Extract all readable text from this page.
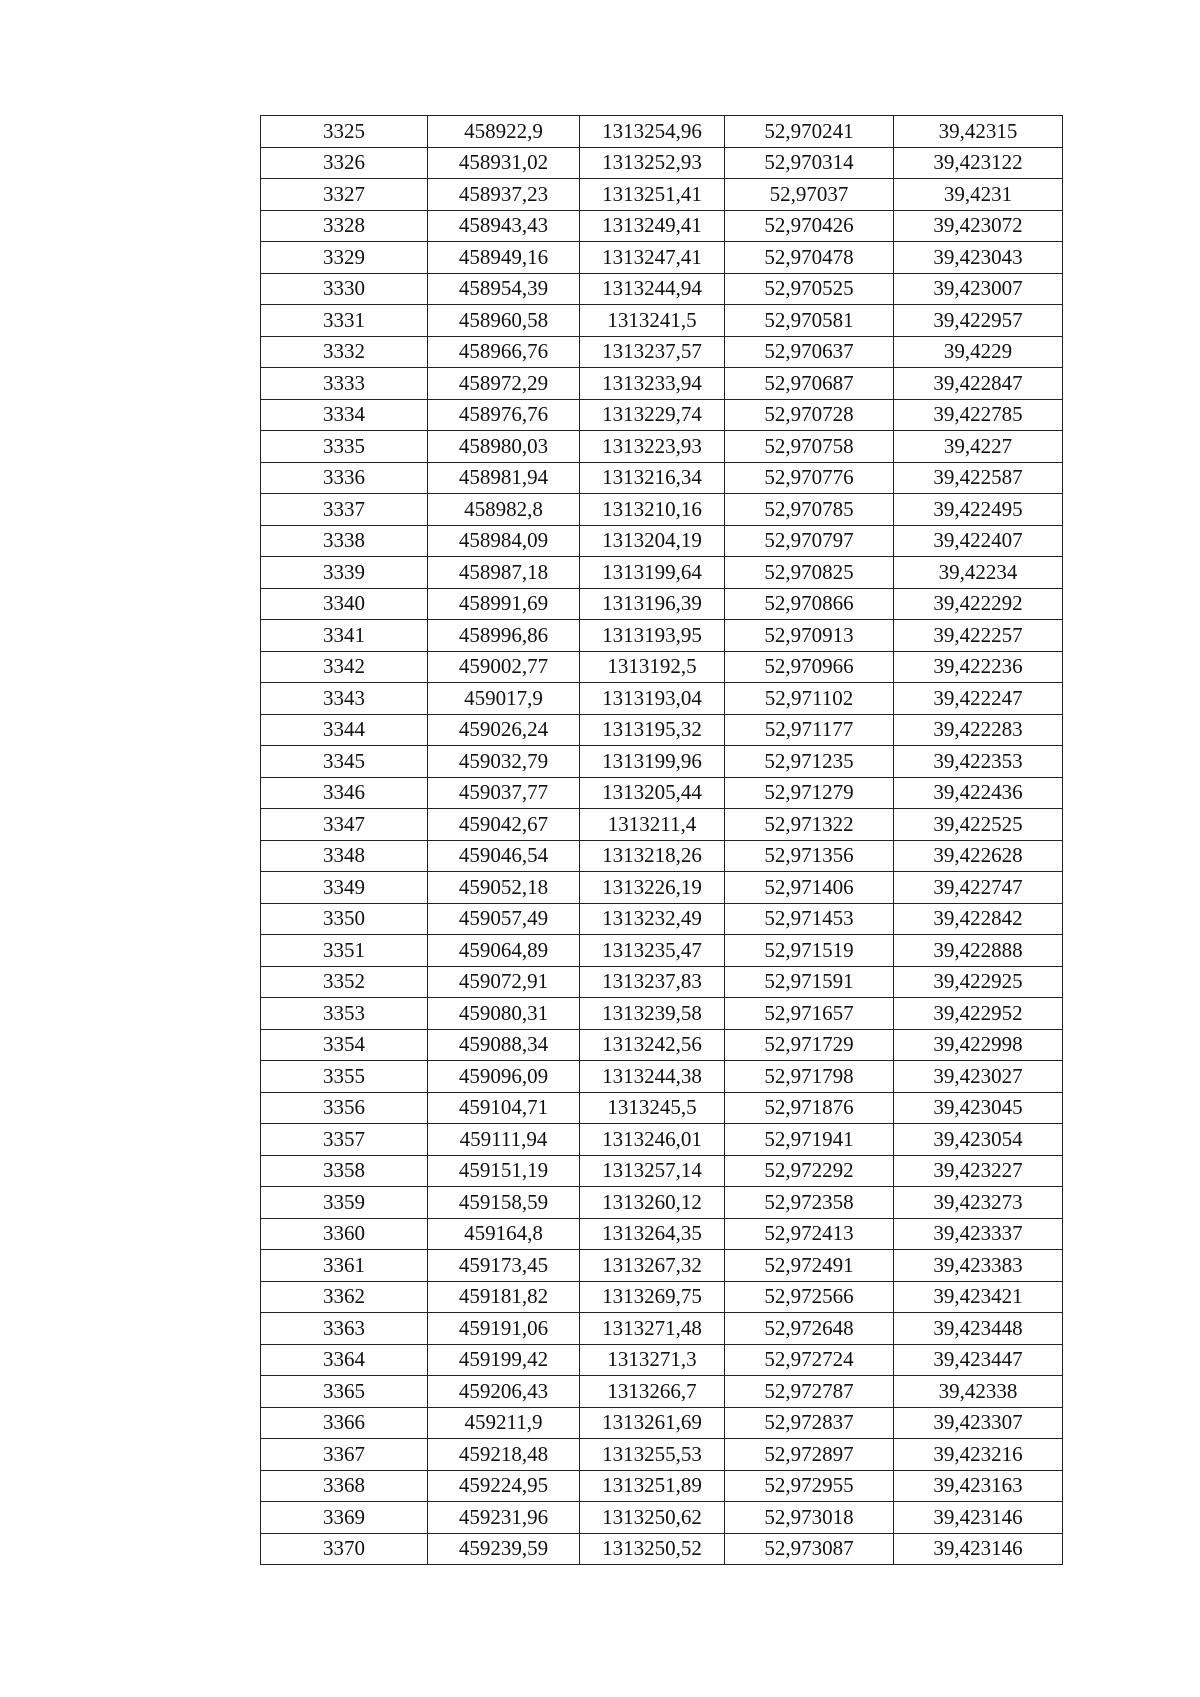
3325	458922,9	1313254,96	52,970241	39,42315
3326	458931,02	1313252,93	52,970314	39,423122
3327	458937,23	1313251,41	52,97037	39,4231
3328	458943,43	1313249,41	52,970426	39,423072
3329	458949,16	1313247,41	52,970478	39,423043
3330	458954,39	1313244,94	52,970525	39,423007
3331	458960,58	1313241,5	52,970581	39,422957
3332	458966,76	1313237,57	52,970637	39,4229
3333	458972,29	1313233,94	52,970687	39,422847
3334	458976,76	1313229,74	52,970728	39,422785
3335	458980,03	1313223,93	52,970758	39,4227
3336	458981,94	1313216,34	52,970776	39,422587
3337	458982,8	1313210,16	52,970785	39,422495
3338	458984,09	1313204,19	52,970797	39,422407
3339	458987,18	1313199,64	52,970825	39,42234
3340	458991,69	1313196,39	52,970866	39,422292
3341	458996,86	1313193,95	52,970913	39,422257
3342	459002,77	1313192,5	52,970966	39,422236
3343	459017,9	1313193,04	52,971102	39,422247
3344	459026,24	1313195,32	52,971177	39,422283
3345	459032,79	1313199,96	52,971235	39,422353
3346	459037,77	1313205,44	52,971279	39,422436
3347	459042,67	1313211,4	52,971322	39,422525
3348	459046,54	1313218,26	52,971356	39,422628
3349	459052,18	1313226,19	52,971406	39,422747
3350	459057,49	1313232,49	52,971453	39,422842
3351	459064,89	1313235,47	52,971519	39,422888
3352	459072,91	1313237,83	52,971591	39,422925
3353	459080,31	1313239,58	52,971657	39,422952
3354	459088,34	1313242,56	52,971729	39,422998
3355	459096,09	1313244,38	52,971798	39,423027
3356	459104,71	1313245,5	52,971876	39,423045
3357	459111,94	1313246,01	52,971941	39,423054
3358	459151,19	1313257,14	52,972292	39,423227
3359	459158,59	1313260,12	52,972358	39,423273
3360	459164,8	1313264,35	52,972413	39,423337
3361	459173,45	1313267,32	52,972491	39,423383
3362	459181,82	1313269,75	52,972566	39,423421
3363	459191,06	1313271,48	52,972648	39,423448
3364	459199,42	1313271,3	52,972724	39,423447
3365	459206,43	1313266,7	52,972787	39,42338
3366	459211,9	1313261,69	52,972837	39,423307
3367	459218,48	1313255,53	52,972897	39,423216
3368	459224,95	1313251,89	52,972955	39,423163
3369	459231,96	1313250,62	52,973018	39,423146
3370	459239,59	1313250,52	52,973087	39,423146
